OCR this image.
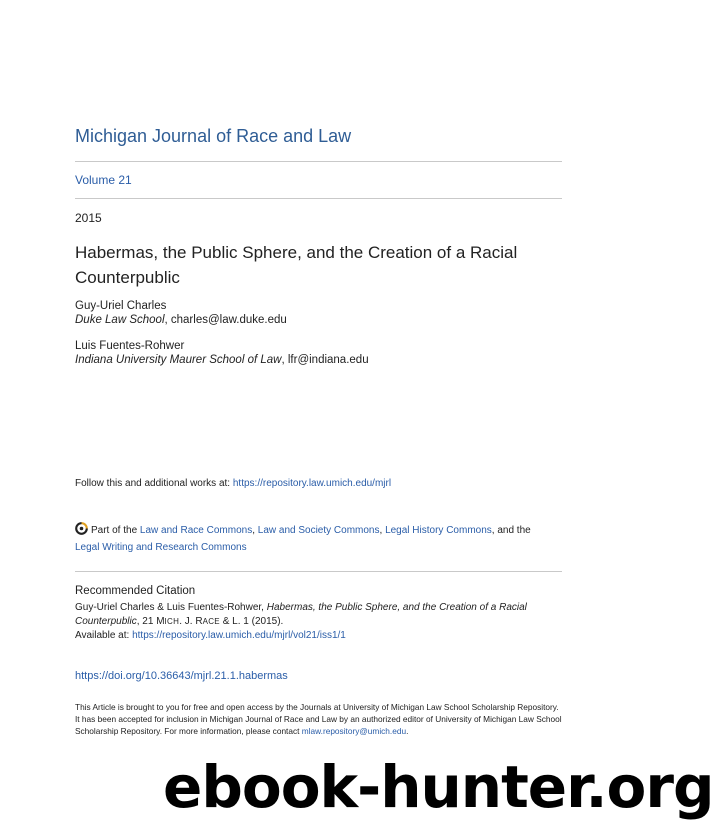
Michigan Journal of Race and Law
Volume 21
2015
Habermas, the Public Sphere, and the Creation of a Racial Counterpublic
Guy-Uriel Charles
Duke Law School, charles@law.duke.edu
Luis Fuentes-Rohwer
Indiana University Maurer School of Law, lfr@indiana.edu
Follow this and additional works at: https://repository.law.umich.edu/mjrl
Part of the Law and Race Commons, Law and Society Commons, Legal History Commons, and the
Legal Writing and Research Commons
Recommended Citation
Guy-Uriel Charles & Luis Fuentes-Rohwer, Habermas, the Public Sphere, and the Creation of a Racial Counterpublic, 21 MICH. J. RACE & L. 1 (2015).
Available at: https://repository.law.umich.edu/mjrl/vol21/iss1/1
https://doi.org/10.36643/mjrl.21.1.habermas
This Article is brought to you for free and open access by the Journals at University of Michigan Law School Scholarship Repository. It has been accepted for inclusion in Michigan Journal of Race and Law by an authorized editor of University of Michigan Law School Scholarship Repository. For more information, please contact mlaw.repository@umich.edu.
ebook-hunter.org
